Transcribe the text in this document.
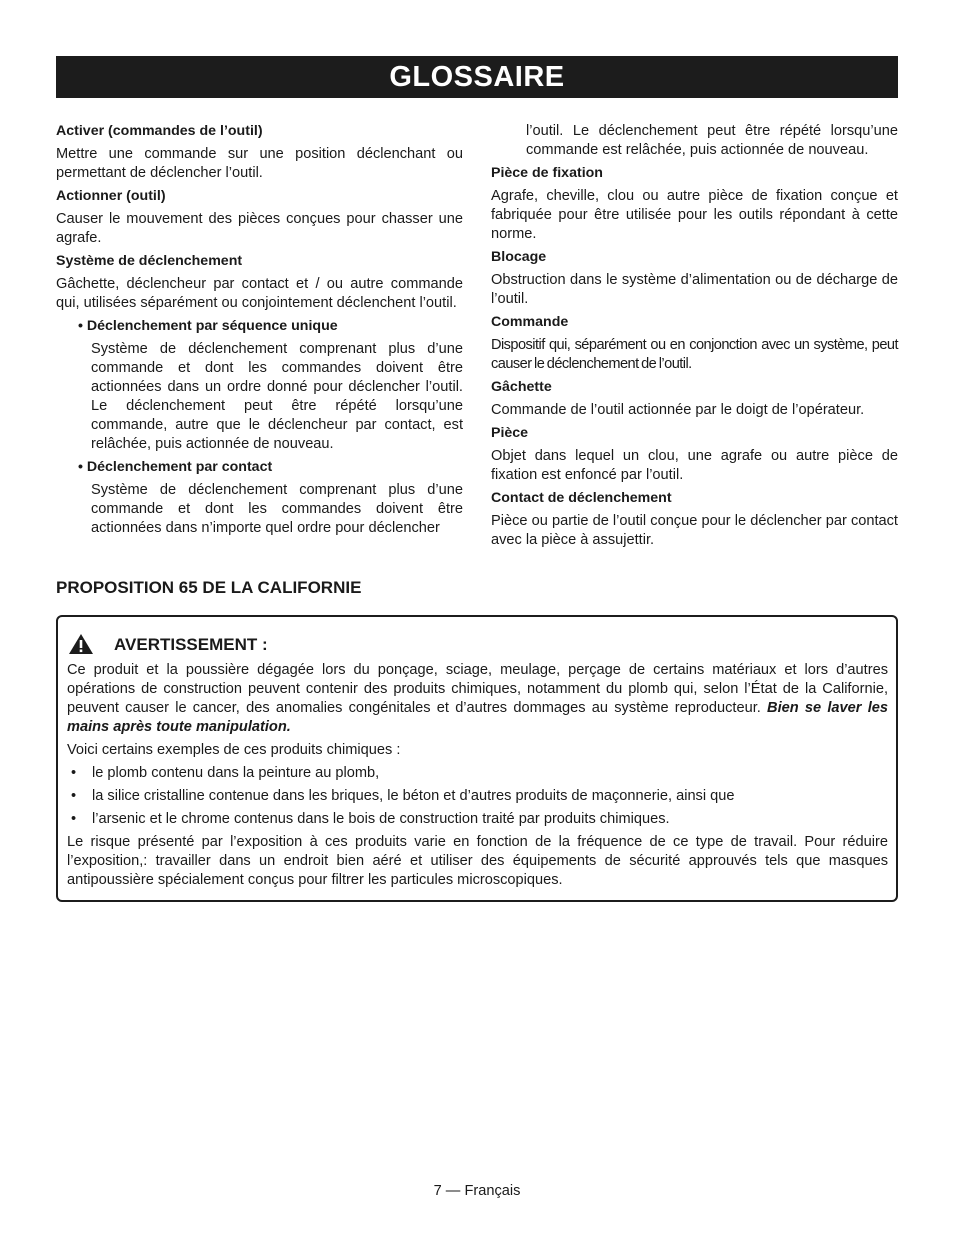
GLOSSAIRE

Activer (commandes de l’outil)

Mettre une commande sur une position déclenchant ou permettant de déclencher l’outil.

Actionner (outil)

Causer le mouvement des pièces conçues pour chasser une agrafe.

Système de déclenchement

Gâchette, déclencheur par contact et / ou autre commande qui, utilisées séparément ou conjointement déclenchent l’outil.

• Déclenchement par séquence unique

Système de déclenchement comprenant plus d’une commande et dont les commandes doivent être actionnées dans un ordre donné pour déclencher l’outil. Le déclenchement peut être répété lorsqu’une commande, autre que le déclencheur par contact, est relâchée, puis actionnée de nouveau.

• Déclenchement par contact

Système de déclenchement comprenant plus d’une commande et dont les commandes doivent être actionnées dans n’importe quel ordre pour déclencher

l’outil. Le déclenchement peut être répété lorsqu’une commande est relâchée, puis actionnée de nouveau.

Pièce de fixation

Agrafe, cheville, clou ou autre pièce de fixation conçue et fabriquée pour être utilisée pour les outils répondant à cette norme.

Blocage

Obstruction dans le système d’alimentation ou de décharge de l’outil.

Commande

Dispositif qui, séparément ou en conjonction avec un système, peut causer le déclenchement de l’outil.

Gâchette

Commande de l’outil actionnée par le doigt de l’opérateur.

Pièce

Objet dans lequel un clou, une agrafe ou autre pièce de fixation est enfoncé par l’outil.

Contact de déclenchement

Pièce ou partie de l’outil conçue pour le déclencher par contact avec la pièce à assujettir.

PROPOSITION 65 DE LA CALIFORNIE
AVERTISSEMENT :

Ce produit et la poussière dégagée lors du ponçage, sciage, meulage, perçage de certains matériaux et lors d’autres opérations de construction peuvent contenir des produits chimiques, notamment du plomb qui, selon l’État de la Californie, peuvent causer le cancer, des anomalies congénitales et d’autres dommages au système reproducteur. Bien se laver les mains après toute manipulation.

Voici certains exemples de ces produits chimiques :

• le plomb contenu dans la peinture au plomb,
• la silice cristalline contenue dans les briques, le béton et d’autres produits de maçonnerie, ainsi que
• l’arsenic et le chrome contenus dans le bois de construction traité par produits chimiques.

Le risque présenté par l’exposition à ces produits varie en fonction de la fréquence de ce type de travail. Pour réduire l’exposition,: travailler dans un endroit bien aéré et utiliser des équipements de sécurité approuvés tels que masques antipoussière spécialement conçus pour filtrer les particules microscopiques.

7 — Français
